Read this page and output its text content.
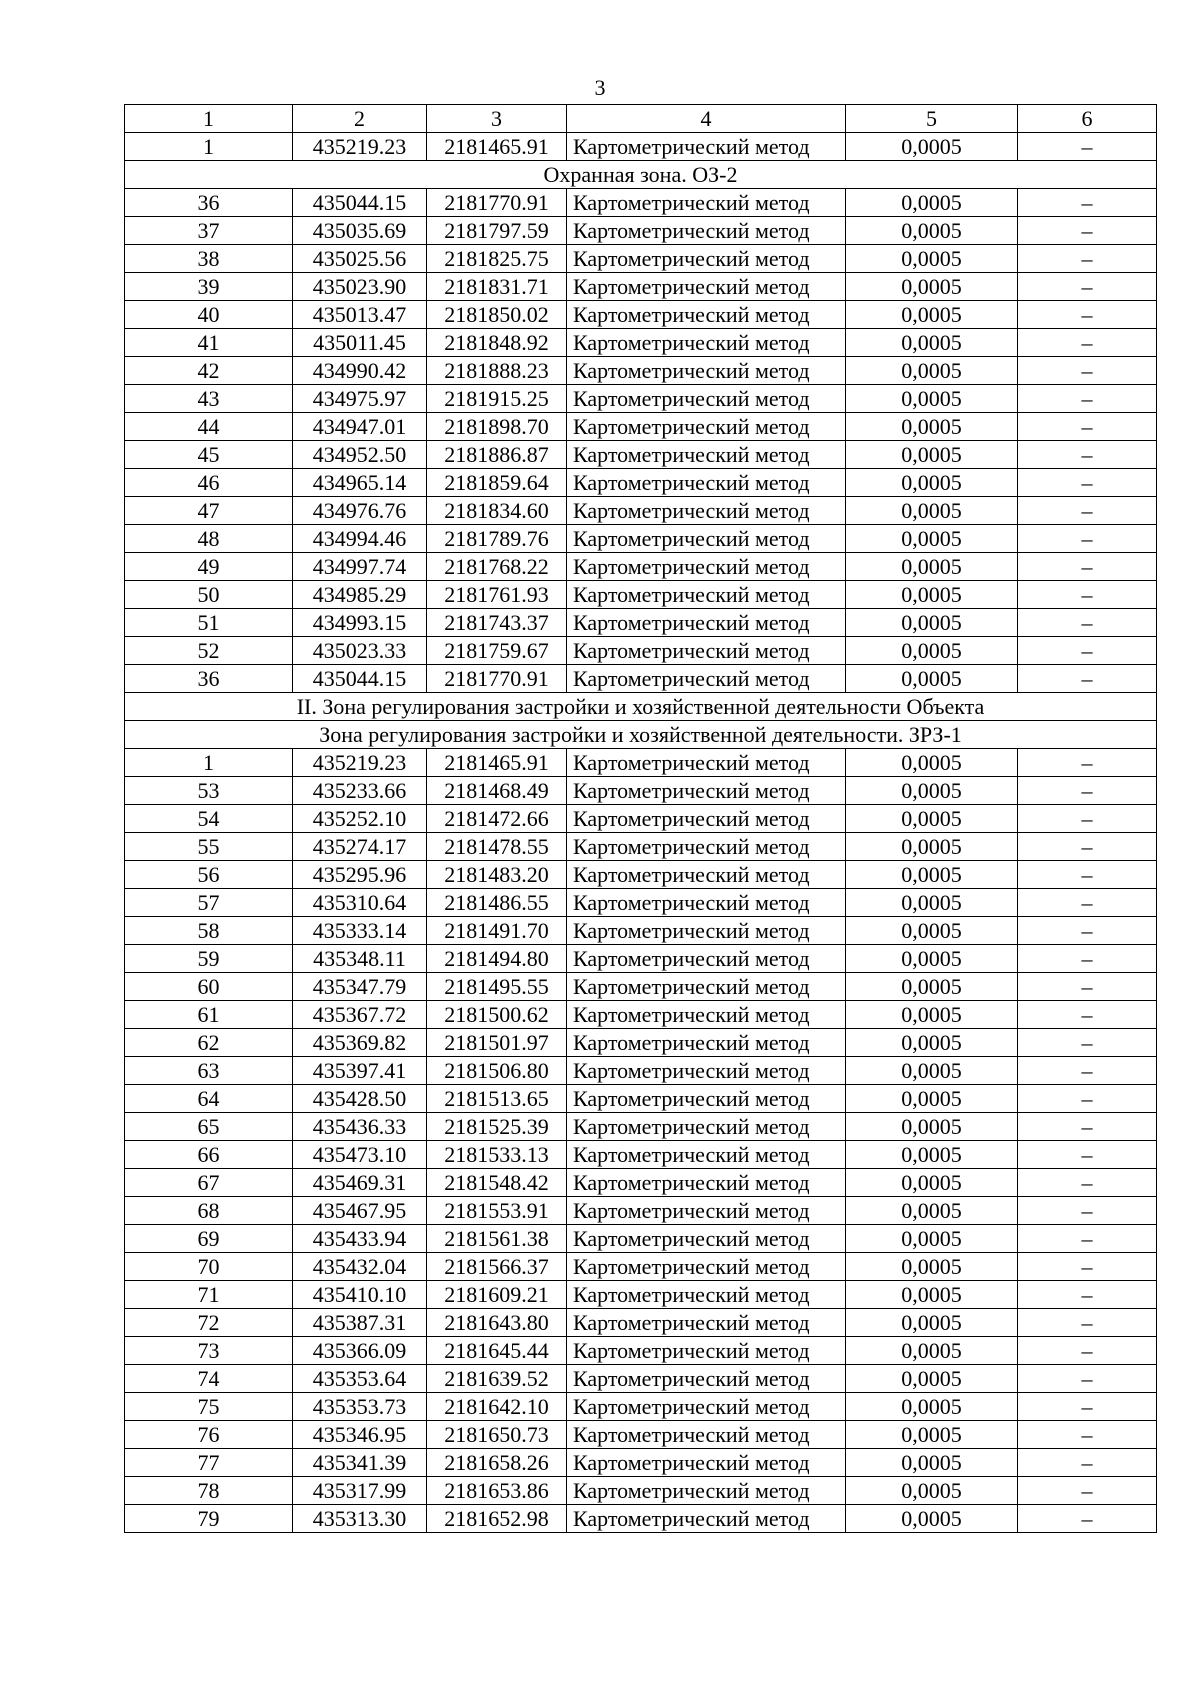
3
1	2	3	4	5	6
1	435219.23	2181465.91	Картометрический метод	0,0005	–
Охранная зона. ОЗ-2					
36	435044.15	2181770.91	Картометрический метод	0,0005	–
37	435035.69	2181797.59	Картометрический метод	0,0005	–
38	435025.56	2181825.75	Картометрический метод	0,0005	–
39	435023.90	2181831.71	Картометрический метод	0,0005	–
40	435013.47	2181850.02	Картометрический метод	0,0005	–
41	435011.45	2181848.92	Картометрический метод	0,0005	–
42	434990.42	2181888.23	Картометрический метод	0,0005	–
43	434975.97	2181915.25	Картометрический метод	0,0005	–
44	434947.01	2181898.70	Картометрический метод	0,0005	–
45	434952.50	2181886.87	Картометрический метод	0,0005	–
46	434965.14	2181859.64	Картометрический метод	0,0005	–
47	434976.76	2181834.60	Картометрический метод	0,0005	–
48	434994.46	2181789.76	Картометрический метод	0,0005	–
49	434997.74	2181768.22	Картометрический метод	0,0005	–
50	434985.29	2181761.93	Картометрический метод	0,0005	–
51	434993.15	2181743.37	Картометрический метод	0,0005	–
52	435023.33	2181759.67	Картометрический метод	0,0005	–
36	435044.15	2181770.91	Картометрический метод	0,0005	–
II. Зона регулирования застройки и хозяйственной деятельности Объекта					
Зона регулирования застройки и хозяйственной деятельности. ЗРЗ-1					
1	435219.23	2181465.91	Картометрический метод	0,0005	–
53	435233.66	2181468.49	Картометрический метод	0,0005	–
54	435252.10	2181472.66	Картометрический метод	0,0005	–
55	435274.17	2181478.55	Картометрический метод	0,0005	–
56	435295.96	2181483.20	Картометрический метод	0,0005	–
57	435310.64	2181486.55	Картометрический метод	0,0005	–
58	435333.14	2181491.70	Картометрический метод	0,0005	–
59	435348.11	2181494.80	Картометрический метод	0,0005	–
60	435347.79	2181495.55	Картометрический метод	0,0005	–
61	435367.72	2181500.62	Картометрический метод	0,0005	–
62	435369.82	2181501.97	Картометрический метод	0,0005	–
63	435397.41	2181506.80	Картометрический метод	0,0005	–
64	435428.50	2181513.65	Картометрический метод	0,0005	–
65	435436.33	2181525.39	Картометрический метод	0,0005	–
66	435473.10	2181533.13	Картометрический метод	0,0005	–
67	435469.31	2181548.42	Картометрический метод	0,0005	–
68	435467.95	2181553.91	Картометрический метод	0,0005	–
69	435433.94	2181561.38	Картометрический метод	0,0005	–
70	435432.04	2181566.37	Картометрический метод	0,0005	–
71	435410.10	2181609.21	Картометрический метод	0,0005	–
72	435387.31	2181643.80	Картометрический метод	0,0005	–
73	435366.09	2181645.44	Картометрический метод	0,0005	–
74	435353.64	2181639.52	Картометрический метод	0,0005	–
75	435353.73	2181642.10	Картометрический метод	0,0005	–
76	435346.95	2181650.73	Картометрический метод	0,0005	–
77	435341.39	2181658.26	Картометрический метод	0,0005	–
78	435317.99	2181653.86	Картометрический метод	0,0005	–
79	435313.30	2181652.98	Картометрический метод	0,0005	–
